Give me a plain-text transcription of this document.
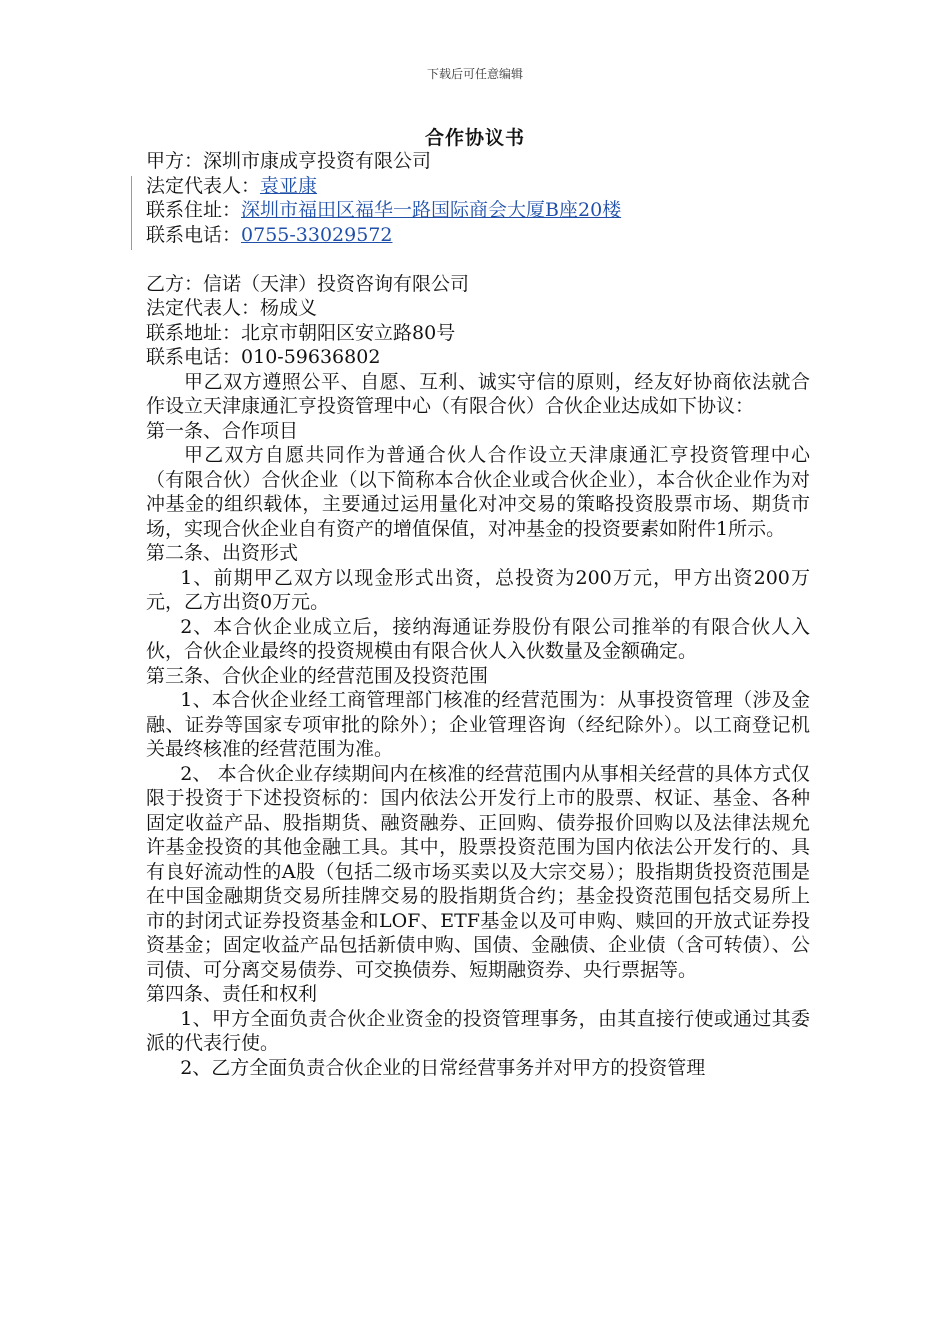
下载后可任意编辑
合作协议书
甲方：深圳市康成亨投资有限公司
法定代表人：袁亚康
联系住址：深圳市福田区福华一路国际商会大厦B座20楼
联系电话：0755-33029572
乙方：信诺（天津）投资咨询有限公司
法定代表人：杨成义
联系地址：北京市朝阳区安立路80号
联系电话：010-59636802

甲乙双方遵照公平、自愿、互利、诚实守信的原则，经友好协商依法就合作设立天津康通汇亨投资管理中心（有限合伙）合伙企业达成如下协议：

第一条、合作项目

甲乙双方自愿共同作为普通合伙人合作设立天津康通汇亨投资管理中心（有限合伙）合伙企业（以下简称本合伙企业或合伙企业），本合伙企业作为对冲基金的组织载体，主要通过运用量化对冲交易的策略投资股票市场、期货市场，实现合伙企业自有资产的增值保值，对冲基金的投资要素如附件1所示。

第二条、出资形式

1、前期甲乙双方以现金形式出资，总投资为200万元，甲方出资200万元，乙方出资0万元。

2、本合伙企业成立后，接纳海通证券股份有限公司推举的有限合伙人入伙，合伙企业最终的投资规模由有限合伙人入伙数量及金额确定。

第三条、合伙企业的经营范围及投资范围

1、本合伙企业经工商管理部门核准的经营范围为：从事投资管理（涉及金融、证券等国家专项审批的除外）；企业管理咨询（经纪除外）。以工商登记机关最终核准的经营范围为准。

2、 本合伙企业存续期间内在核准的经营范围内从事相关经营的具体方式仅限于投资于下述投资标的：国内依法公开发行上市的股票、权证、基金、各种固定收益产品、股指期货、融资融券、正回购、债券报价回购以及法律法规允许基金投资的其他金融工具。其中，股票投资范围为国内依法公开发行的、具有良好流动性的A股（包括二级市场买卖以及大宗交易）；股指期货投资范围是在中国金融期货交易所挂牌交易的股指期货合约；基金投资范围包括交易所上市的封闭式证券投资基金和LOF、ETF基金以及可申购、赎回的开放式证券投资基金；固定收益产品包括新债申购、国债、金融债、企业债（含可转债）、公司债、可分离交易债券、可交换债券、短期融资券、央行票据等。

第四条、责任和权利

1、甲方全面负责合伙企业资金的投资管理事务，由其直接行使或通过其委派的代表行使。

2、乙方全面负责合伙企业的日常经营事务并对甲方的投资管理
